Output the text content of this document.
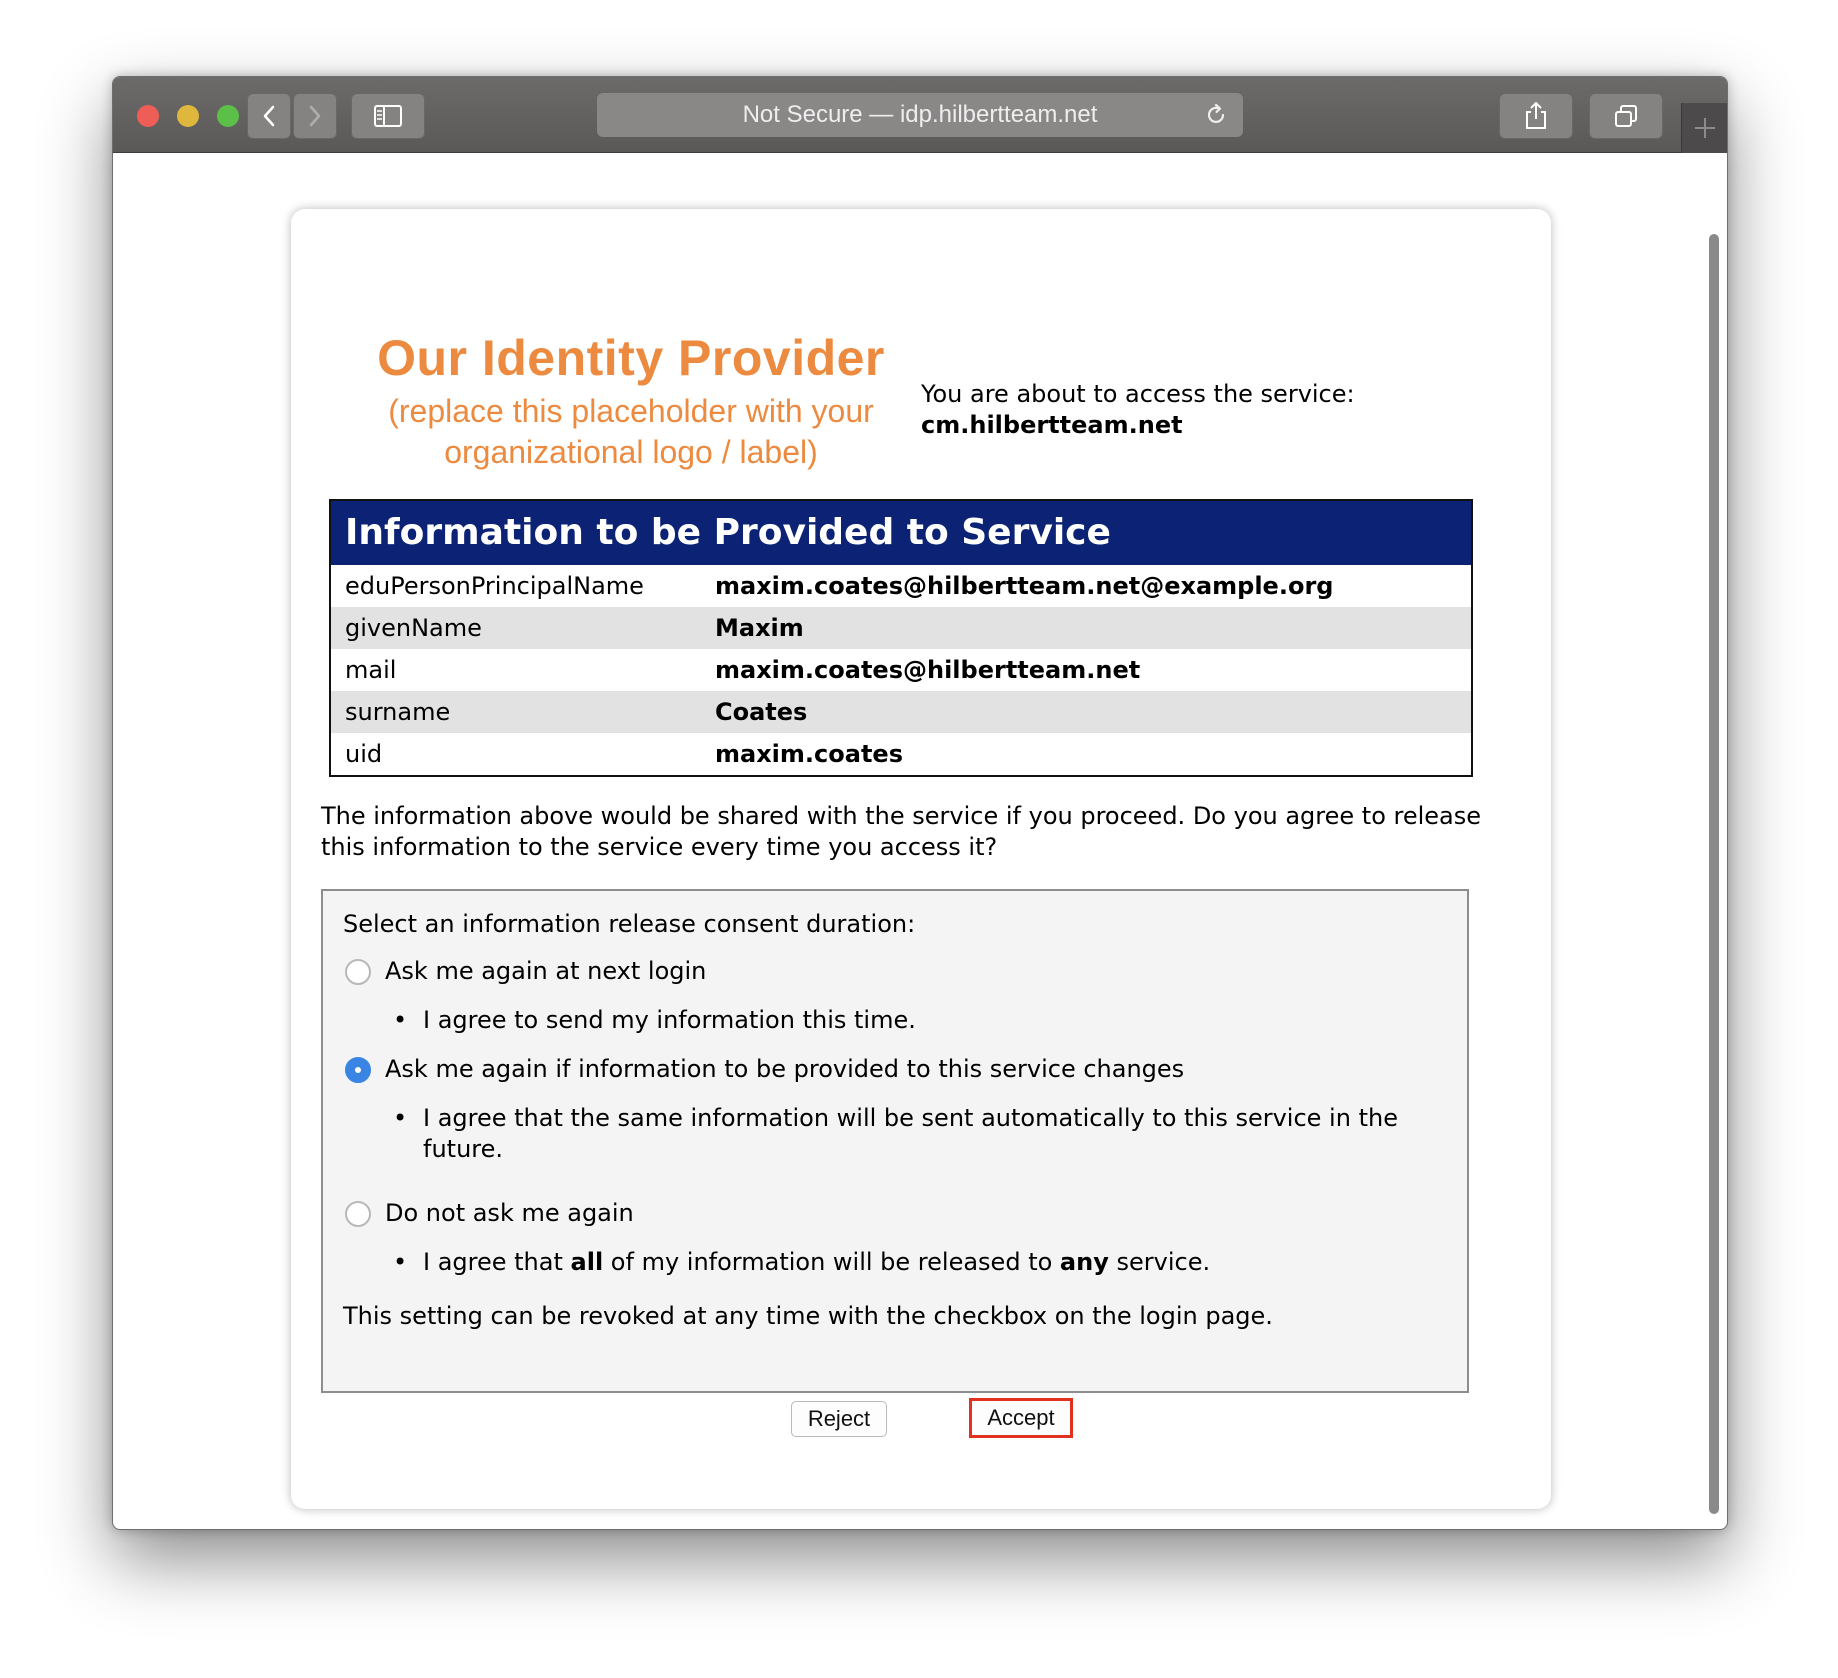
Not Secure — idp.hilbertteam.net
Our Identity Provider
(replace this placeholder with your
organizational logo / label)
You are about to access the service:
cm.hilbertteam.net
Information to be Provided to Service
eduPersonPrincipalName	maxim.coates@hilbertteam.net@example.org
givenName	Maxim
mail	maxim.coates@hilbertteam.net
surname	Coates
uid	maxim.coates
The information above would be shared with the service if you proceed. Do you agree to release this information to the service every time you access it?
Select an information release consent duration:
Ask me again at next login
• I agree to send my information this time.
Ask me again if information to be provided to this service changes
• I agree that the same information will be sent automatically to this service in the future.
Do not ask me again
• I agree that all of my information will be released to any service.
This setting can be revoked at any time with the checkbox on the login page.
Reject	Accept
